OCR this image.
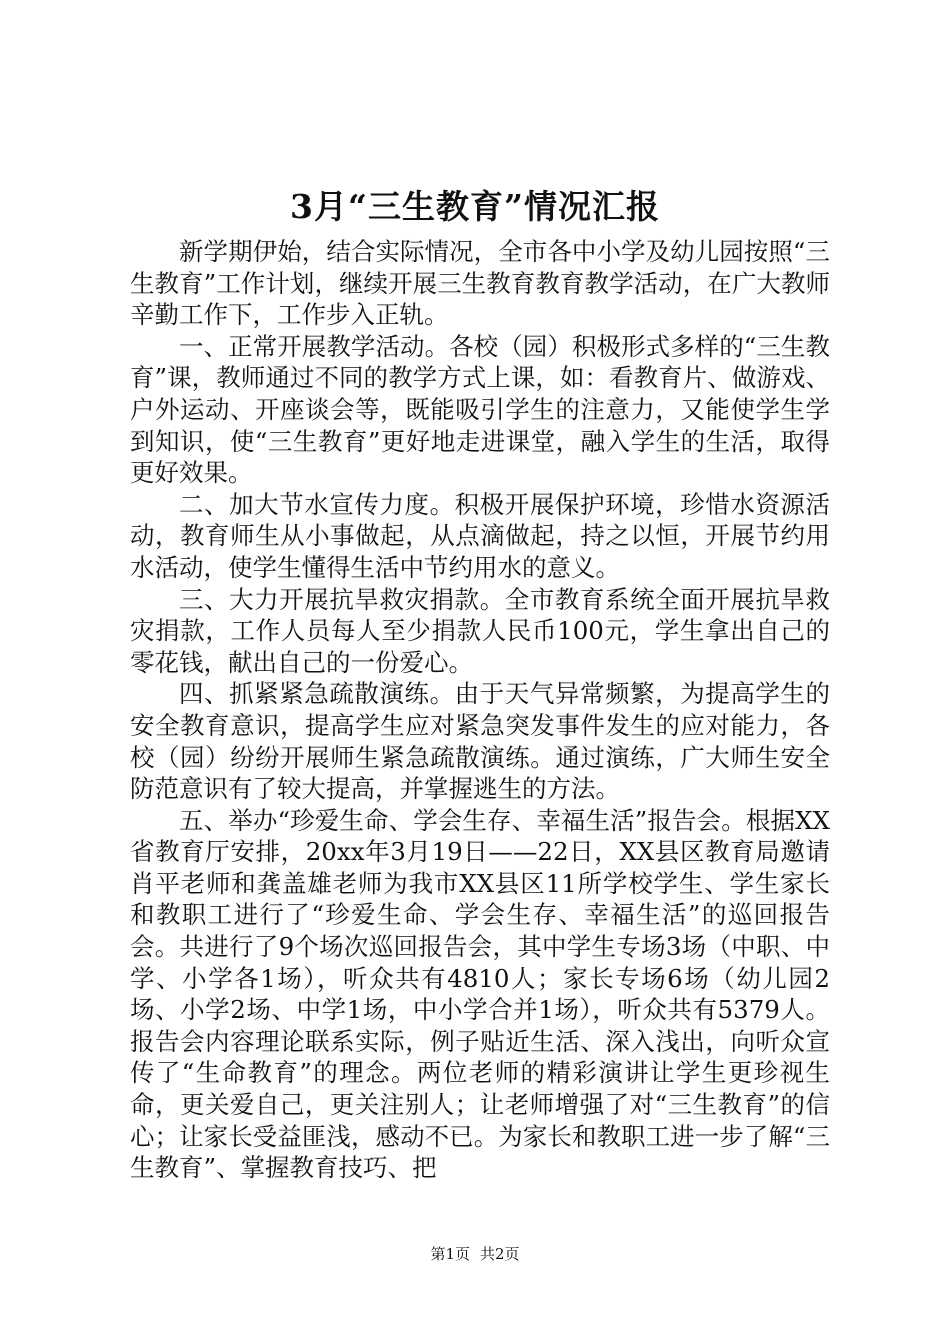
3月“三生教育”情况汇报

新学期伊始，结合实际情况，全市各中小学及幼儿园按照“三生教育”工作计划，继续开展三生教育教育教学活动，在广大教师辛勤工作下，工作步入正轨。

一、正常开展教学活动。各校（园）积极形式多样的“三生教育”课，教师通过不同的教学方式上课，如：看教育片、做游戏、户外运动、开座谈会等，既能吸引学生的注意力，又能使学生学到知识，使“三生教育”更好地走进课堂，融入学生的生活，取得更好效果。

二、加大节水宣传力度。积极开展保护环境，珍惜水资源活动，教育师生从小事做起，从点滴做起，持之以恒，开展节约用水活动，使学生懂得生活中节约用水的意义。

三、大力开展抗旱救灾捐款。全市教育系统全面开展抗旱救灾捐款，工作人员每人至少捐款人民币100元，学生拿出自己的零花钱，献出自己的一份爱心。

四、抓紧紧急疏散演练。由于天气异常频繁，为提高学生的安全教育意识，提高学生应对紧急突发事件发生的应对能力，各校（园）纷纷开展师生紧急疏散演练。通过演练，广大师生安全防范意识有了较大提高，并掌握逃生的方法。

五、举办“珍爱生命、学会生存、幸福生活”报告会。根据XX省教育厅安排，20xx年3月19日——22日，XX县区教育局邀请肖平老师和龚盖雄老师为我市XX县区11所学校学生、学生家长和教职工进行了“珍爱生命、学会生存、幸福生活”的巡回报告会。共进行了9个场次巡回报告会，其中学生专场3场（中职、中学、小学各1场），听众共有4810人；家长专场6场（幼儿园2场、小学2场、中学1场，中小学合并1场），听众共有5379人。报告会内容理论联系实际，例子贴近生活、深入浅出，向听众宣传了“生命教育”的理念。两位老师的精彩演讲让学生更珍视生命，更关爱自己，更关注别人；让老师增强了对“三生教育”的信心；让家长受益匪浅，感动不已。为家长和教职工进一步了解“三生教育”、掌握教育技巧、把

第1页 共2页
